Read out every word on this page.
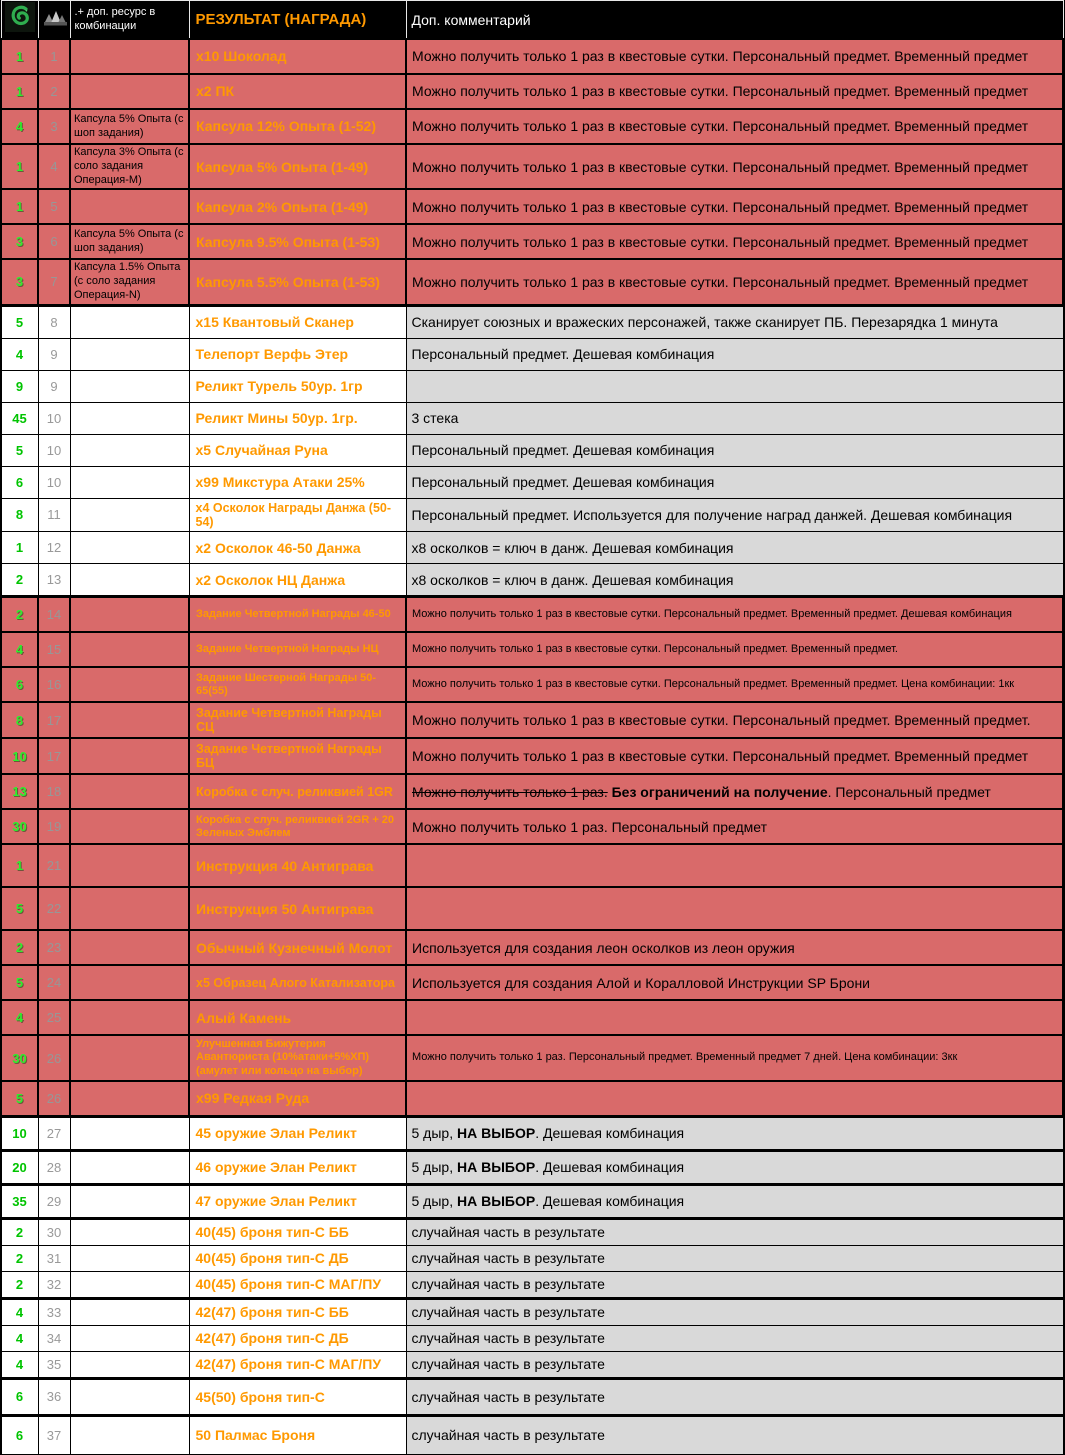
		.+ доп. ресурс в комбинации	РЕЗУЛЬТАТ (НАГРАДА)	Доп. комментарий
1	1		х10 Шоколад	Можно получить только 1 раз в квестовые сутки. Персональный предмет. Временный предмет
1	2		х2 ПК	Можно получить только 1 раз в квестовые сутки. Персональный предмет. Временный предмет
4	3	Капсула 5% Опыта (с шоп задания)	Капсула 12% Опыта (1-52)	Можно получить только 1 раз в квестовые сутки. Персональный предмет. Временный предмет
1	4	Капсула 3% Опыта (с соло задания Операция-М)	Капсула 5% Опыта (1-49)	Можно получить только 1 раз в квестовые сутки. Персональный предмет. Временный предмет
1	5		Капсула 2% Опыта (1-49)	Можно получить только 1 раз в квестовые сутки. Персональный предмет. Временный предмет
3	6	Капсула 5% Опыта (с шоп задания)	Капсула 9.5% Опыта (1-53)	Можно получить только 1 раз в квестовые сутки. Персональный предмет. Временный предмет
3	7	Капсула 1.5% Опыта (с соло задания Операция-N)	Капсула 5.5% Опыта (1-53)	Можно получить только 1 раз в квестовые сутки. Персональный предмет. Временный предмет
5	8		х15 Квантовый Сканер	Сканирует союзных и вражеских персонажей, также сканирует ПБ. Перезарядка 1 минута
4	9		Телепорт Верфь Этер	Персональный предмет. Дешевая комбинация
9	9		Реликт Турель 50ур. 1гр	
45	10		Реликт Мины 50ур. 1гр.	3 стека
5	10		х5 Случайная Руна	Персональный предмет. Дешевая комбинация
6	10		х99 Микстура Атаки 25%	Персональный предмет. Дешевая комбинация
8	11		x4 Осколок Награды Данжа (50-54)	Персональный предмет. Используется для получение наград данжей. Дешевая комбинация
1	12		х2 Осколок 46-50 Данжа	х8 осколков = ключ в данж. Дешевая комбинация
2	13		х2 Осколок НЦ Данжа	х8 осколков = ключ в данж. Дешевая комбинация
2	14		Задание Четвертной Награды 46-50	Можно получить только 1 раз в квестовые сутки. Персональный предмет. Временный предмет. Дешевая комбинация
4	15		Задание Четвертной Награды НЦ	Можно получить только 1 раз в квестовые сутки. Персональный предмет. Временный предмет.
6	16		Задание Шестерной Награды 50-65(55)	Можно получить только 1 раз в квестовые сутки. Персональный предмет. Временный предмет. Цена комбинации: 1кк
8	17		Задание Четвертной Награды СЦ	Можно получить только 1 раз в квестовые сутки. Персональный предмет. Временный предмет.
10	17		Задание Четвертной Награды БЦ	Можно получить только 1 раз в квестовые сутки. Персональный предмет. Временный предмет
13	18		Коробка с случ. реликвией 1GR	Можно получить только 1 раз. Без ограничений на получение. Персональный предмет
30	19		Коробка с случ. реликвией 2GR + 20 Зеленых Эмблем	Можно получить только 1 раз. Персональный предмет
1	21		Инструкция 40 Антиграва	
5	22		Инструкция 50 Антиграва	
2	23		Обычный Кузнечный Молот	Используется для создания леон осколков из леон оружия
5	24		х5 Образец Алого Катализатора	Используется для создания Алой и Коралловой Инструкции SP Брони
4	25		Алый Камень	
30	26		Улучшенная Бижутерия Авантюриста (10%атаки+5%ХП)(амулет или кольцо на выбор)	Можно получить только 1 раз. Персональный предмет. Временный предмет 7 дней. Цена комбинации: 3кк
5	26		х99 Редкая Руда	
10	27		45 оружие Элан Реликт	5 дыр, НА ВЫБОР. Дешевая комбинация
20	28		46 оружие Элан Реликт	5 дыр, НА ВЫБОР. Дешевая комбинация
35	29		47 оружие Элан Реликт	5 дыр, НА ВЫБОР. Дешевая комбинация
2	30		40(45) броня тип-С ББ	случайная часть в результате
2	31		40(45) броня тип-С ДБ	случайная часть в результате
2	32		40(45) броня тип-С МАГ/ПУ	случайная часть в результате
4	33		42(47) броня тип-С ББ	случайная часть в результате
4	34		42(47) броня тип-С ДБ	случайная часть в результате
4	35		42(47) броня тип-С МАГ/ПУ	случайная часть в результате
6	36		45(50) броня тип-С	случайная часть в результате
6	37		50 Палмас Броня	случайная часть в результате
